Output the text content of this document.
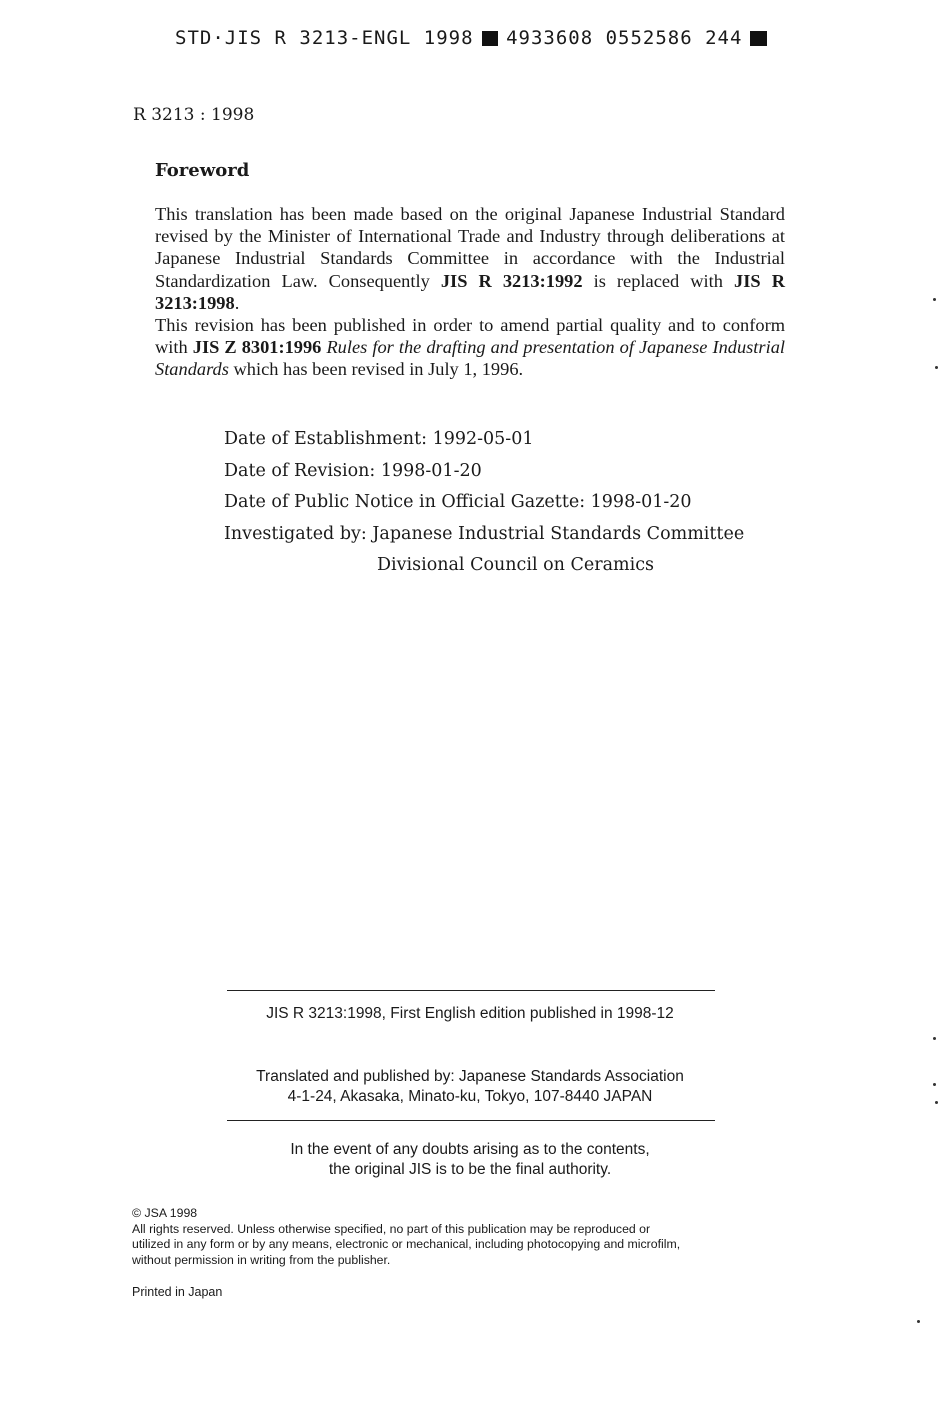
STD·JIS R 3213-ENGL 1998 4933608 0552586 244
R 3213 : 1998
Foreword

This translation has been made based on the original Japanese Industrial Standard revised by the Minister of International Trade and Industry through deliberations at Japanese Industrial Standards Committee in accordance with the Industrial Standardization Law. Consequently JIS R 3213:1992 is replaced with JIS R 3213:1998.

This revision has been published in order to amend partial quality and to conform with JIS Z 8301:1996 Rules for the drafting and presentation of Japanese Industrial Standards which has been revised in July 1, 1996.

Date of Establishment: 1992-05-01
Date of Revision: 1998-01-20
Date of Public Notice in Official Gazette: 1998-01-20
Investigated by: Japanese Industrial Standards Committee
Divisional Council on Ceramics
JIS R 3213:1998, First English edition published in 1998-12
Translated and published by: Japanese Standards Association
4-1-24, Akasaka, Minato-ku, Tokyo, 107-8440 JAPAN
In the event of any doubts arising as to the contents,
the original JIS is to be the final authority.
© JSA 1998
All rights reserved. Unless otherwise specified, no part of this publication may be reproduced or
utilized in any form or by any means, electronic or mechanical, including photocopying and microfilm,
without permission in writing from the publisher.
Printed in Japan
